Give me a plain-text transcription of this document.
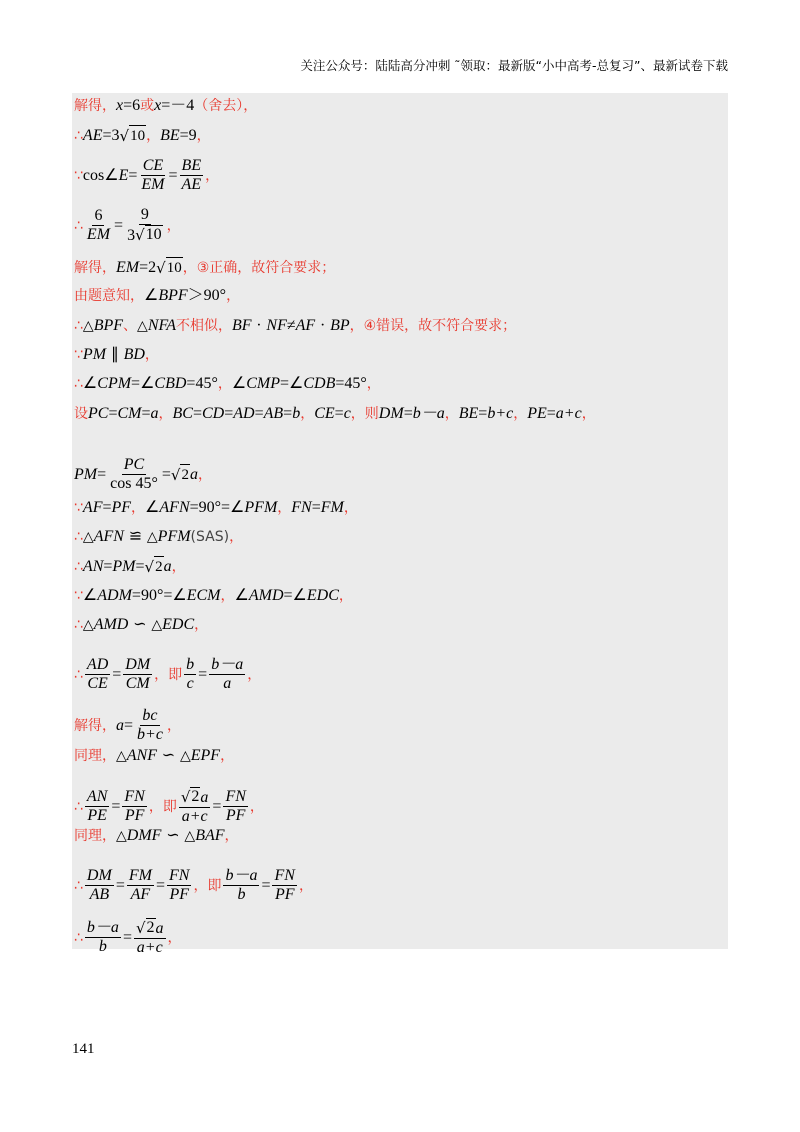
关注公众号：陆陆高分冲刺 ˜领取：最新版“小中高考-总复习”、最新试卷下载
解得， x =6 或 x =－4 （舍去），
∴ AE =3 √ 10 ， BE =9 ，
∵ cos∠ $E = \frac{CE}{EM} = \frac{BE}{AE}$ ，
∴ $\frac{6}{EM} = \frac{9}{3 √ 10}$ ，
解得， EM =2 √ 10 ，③正确，故符合要求；
由题意知， ∠ BPF ＞90° ，
∴ △ BPF 、 △ NFA 不相似， BF
·
NF ≠ AF
·
BP ，④错误，故不符合要求；
∵ PM
∥
BD ，
∴ ∠ CPM =∠ CBD =45° ， ∠ CMP =∠ CDB =45° ，
设 PC = CM = a ， BC = CD = AD = AB = b ， CE = c ，则 DM = b－a ， BE = b+c ， PE = a+c ，
PM = $\frac{PC}{\cos 45^\circ}$ = √ 2 a ，
∵ AF = PF ， ∠ AFN =90°=∠ PFM ， FN = FM ，
∴ △ AFN
≌
△ PFM (SAS) ，
∴ AN = PM = √ 2 a ，
∵ ∠ ADM =90°=∠ ECM ， ∠ AMD =∠ EDC ，
∴ △ AMD
∽
△ EDC ，
∴ $\frac{AD}{CE} = \frac{DM}{CM}$ ， 即 $\frac{b}{c} = \frac{b-a}{a}$ ，
解得， $a = \frac{bc}{b+c}$ ，
同理， △ ANF
∽
△ EPF ，
∴ $\frac{AN}{PE} = \frac{FN}{PF}$ ， 即 $\frac{√ 2 a}{a+c} = \frac{FN}{PF}$ ，
同理， △ DMF
∽
△ BAF ，
∴ $\frac{DM}{AB} = \frac{FM}{AF} = \frac{FN}{PF}$ ， 即 $\frac{b-a}{b} = \frac{FN}{PF}$ ，
∴ $\frac{b-a}{b} = \frac{√ 2 a}{a+c}$ ，
141
